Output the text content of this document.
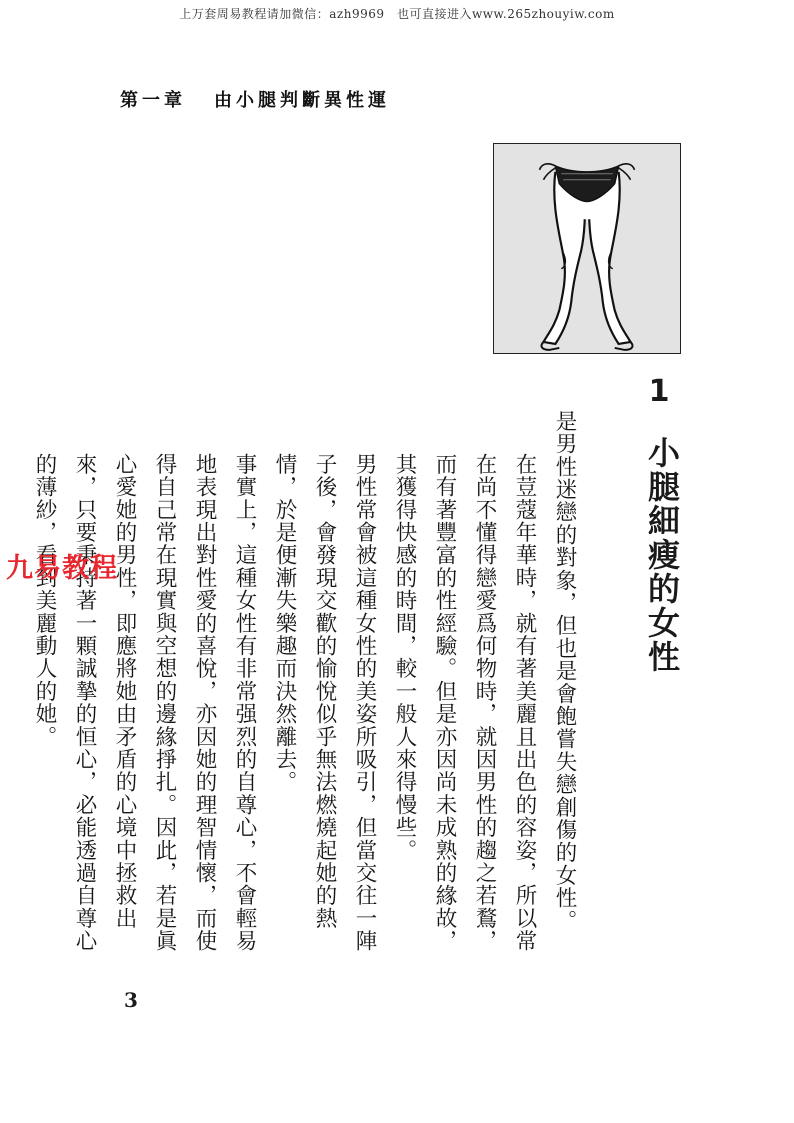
上万套周易教程请加微信：azh9969　也可直接进入www.265zhouyiw.com
第一章 由小腿判斷異性運
1
小腿細瘦的女性

是男性迷戀的對象，但也是會飽嘗失戀創傷的女性。

在荳蔻年華時，就有著美麗且出色的容姿，所以常在尚不懂得戀愛爲何物時，就因男性的趨之若鶩，而有著豐富的性經驗。但是亦因尚未成熟的緣故，其獲得快感的時間，較一般人來得慢些。

男性常會被這種女性的美姿所吸引，但當交往一陣子後，會發現交歡的愉悅似乎無法燃燒起她的熱情，於是便漸失樂趣而決然離去。

事實上，這種女性有非常强烈的自尊心，不會輕易地表現出對性愛的喜悅，亦因她的理智情懷，而使得自己常在現實與空想的邊緣掙扎。因此，若是眞心愛她的男性，即應將她由矛盾的心境中拯救出來，只要秉持著一顆誠摯的恒心，必能透過自尊心的薄紗，看到美麗動人的她。

3
九易教程
